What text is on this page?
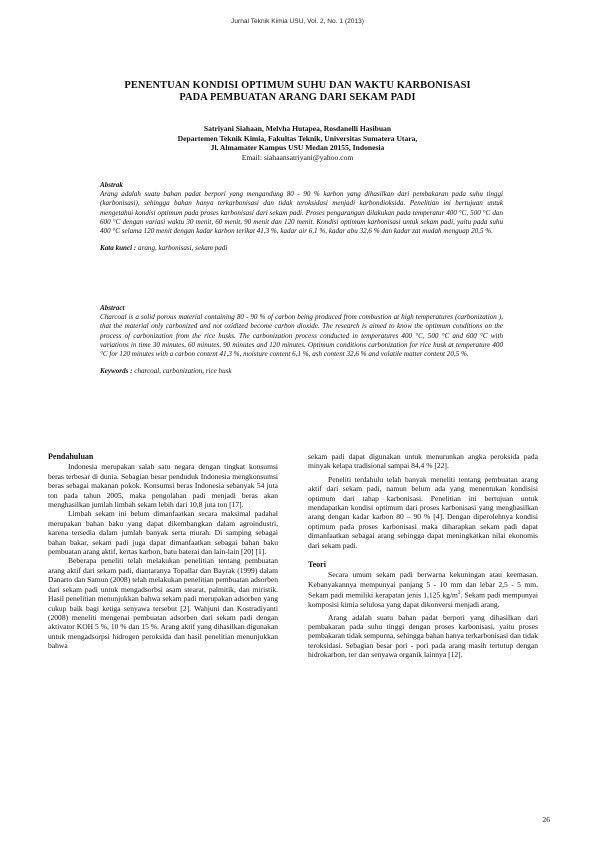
Jurnal Teknik Kimia USU, Vol. 2, No. 1 (2013)
PENENTUAN KONDISI OPTIMUM SUHU DAN WAKTU KARBONISASI
PADA PEMBUATAN ARANG DARI SEKAM PADI
Satriyani Siahaan, Melvha Hutapea, Rosdanelli Hasibuan
Departemen Teknik Kimia, Fakultas Teknik, Universitas Sumatera Utara,
Jl. Almamater Kampus USU Medan 20155, Indonesia
Email: siahaansatriyani@yahoo.com
Abstrak
Arang adalah suatu bahan padat berpori yang mengandung 80 - 90 % karbon yang dihasilkan dari pembakaran pada suhu tinggi (karbonisasi), sehingga bahan hanya terkarbonisasi dan tidak teroksidasi menjadi karbondioksida. Penelitian ini bertujuan untuk mengetahui kondisi optimum pada proses karbonisasi dari sekam padi. Proses pengarangan dilakukan pada temperatur 400 °C, 500 °C dan 600 °C dengan variasi waktu 30 menit, 60 menit, 90 menit dan 120 menit. Kondisi optimum karbonisasi untuk sekam padi, yaitu pada suhu 400 °C selama 120 menit dengan kadar karbon terikat 41,3 %, kadar air 6,1 %, kadar abu 32,6 % dan kadar zat mudah menguap 20,5 %.
Kata kunci : arang, karbonisasi, sekam padi
Abstract
Charcoal is a solid porous material containing 80 - 90 % of carbon being produced from combustion at high temperatures (carbonization ), that the material only carbonized and not oxidized become carbon dioxide. The research is aimed to know the optimum conditions on the process of carbonization from the rice husks. The carbonization process conducted in temperatures 400 °C, 500 °C and 600 °C with variations in time 30 minutes, 60 minutes, 90 minutes and 120 minutes. Optimum conditions carbonization for rice husk at temperature 400 °C for 120 minutes with a carbon content 41,3 %, moisture content 6,1 %, ash content 32,6 % and volatile matter content 20,5 %.
Keywords : charcoal, carbonization, rice husk
Pendahuluan

Indonesia merupakan salah satu negara dengan tingkat konsumsi beras terbesar di dunia. Sebagian besar penduduk Indonesia mengkonsumsi beras sebagai makanan pokok. Konsumsi beras Indonesia sebanyak 54 juta ton pada tahun 2005, maka pengolahan padi menjadi beras akan menghasilkan jumlah limbah sekam lebih dari 10,8 juta ton [17].

Limbah sekam ini belum dimanfaatkan secara maksimal padahal merupakan bahan baku yang dapat dikembangkan dalam agroindustri, karena tersedia dalam jumlah banyak serta murah. Di samping sebagai bahan bakar, sekam padi juga dapat dimanfaatkan sebagai bahan baku pembuatan arang aktif, kertas karbon, batu baterai dan lain-lain [20] [1].

Beberapa peneliti telah melakukan penelitian tentang pembuatan arang aktif dari sekam padi, diantaranya Topallar dan Bayrak (1999) dalam Danarto dan Samun (2008) telah melakukan penelitian pembuatan adsorben dari sekam padi untuk mengadsorbsi asam stearat, palmitik, dan miristik. Hasil penelitian menunjukkan bahwa sekam padi merupakan adsorben yang cukup baik bagi ketiga senyawa tersebut [2]. Wahjuni dan Kostradiyanti (2008) meneliti mengenai pembuatan adsorben dari sekam padi dengan aktivator KOH 5 %, 10 % dan 15 %. Arang aktif yang dihasilkan digunakan untuk mengadsorpsi hidrogen peroksida dan hasil penelitian menunjukkan bahwa

sekam padi dapat digunakan untuk menurunkan angka peroksida pada minyak kelapa tradisional sampai 84,4 % [22].

Peneliti terdahulu telah banyak meneliti tentang pembuatan arang aktif dari sekam padi, namun belum ada yang menentukan kondisisi optimum dari tahap karbonisasi. Penelitian ini bertujuan untuk mendapatkan kondisi optimum dari proses karbonisasi yang menghasilkan arang dengan kadar karbon 80 – 90 % [4]. Dengan diperolehnya kondisi optimum pada proses karbonisasi maka diharapkan sekam padi dapat dimanfaatkan sebagai arang sehingga dapat meningkatkan nilai ekonomis dari sekam padi.

Teori

Secara umum sekam padi berwarna kekuningan atau keemasan. Kebanyakannya mempunyai panjang 5 - 10 mm dan lebar 2,5 - 5 mm. Sekam padi memiliki kerapatan jenis 1,125 $kg/m^3$. Sekam padi mempunyai komposisi kimia selulosa yang dapat dikonversi menjadi arang.

Arang adalah suatu bahan padat berpori yang dihasilkan dari pembakaran pada suhu tinggi dengan proses karbonisasi, yaitu proses pembakaran tidak sempurna, sehingga bahan hanya terkarbonisasi dan tidak teroksidasi. Sebagian besar pori - pori pada arang masih tertutup dengan hidrokarbon, ter dan senyawa organik lainnya [12].

26
